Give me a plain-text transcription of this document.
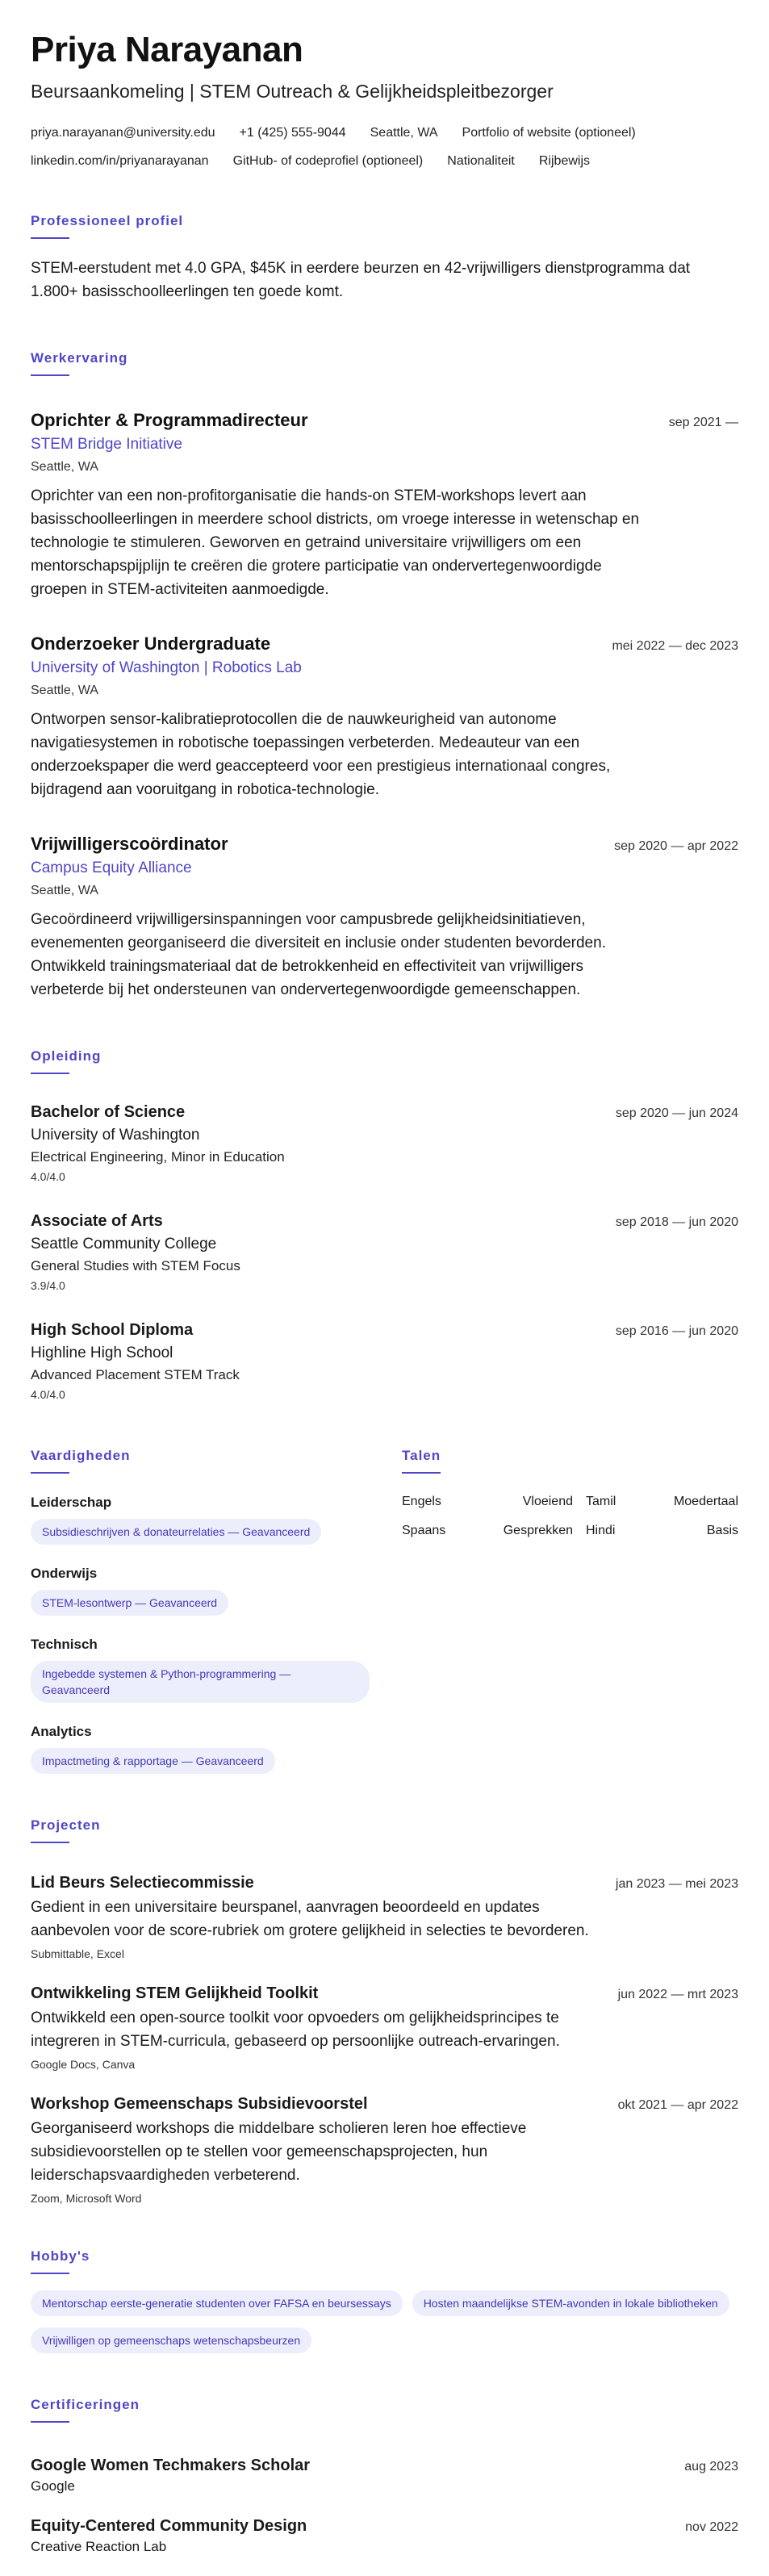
Priya Narayanan
Beursaankomeling | STEM Outreach & Gelijkheidspleitbezorger
priya.narayanan@university.edu +1 (425) 555-9044 Seattle, WA Portfolio of website (optioneel)
linkedin.com/in/priyanarayanan GitHub- of codeprofiel (optioneel) Nationaliteit Rijbewijs
Professioneel profiel
STEM-eerstudent met 4.0 GPA, $45K in eerdere beurzen en 42-vrijwilligers dienstprogramma dat 1.800+ basisschoolleerlingen ten goede komt.
Werkervaring
Oprichter & Programmadirecteur	sep 2021 —
STEM Bridge Initiative
Seattle, WA
Oprichter van een non-profitorganisatie die hands-on STEM-workshops levert aan basisschoolleerlingen in meerdere school districts, om vroege interesse in wetenschap en technologie te stimuleren. Geworven en getraind universitaire vrijwilligers om een mentorschapspijplijn te creëren die grotere participatie van ondervertegenwoordigde groepen in STEM-activiteiten aanmoedigde.
Onderzoeker Undergraduate	mei 2022 — dec 2023
University of Washington | Robotics Lab
Seattle, WA
Ontworpen sensor-kalibratieprotocollen die de nauwkeurigheid van autonome navigatiesystemen in robotische toepassingen verbeterden. Medeauteur van een onderzoekspaper die werd geaccepteerd voor een prestigieus internationaal congres, bijdragend aan vooruitgang in robotica-technologie.
Vrijwilligerscoördinator	sep 2020 — apr 2022
Campus Equity Alliance
Seattle, WA
Gecoördineerd vrijwilligersinspanningen voor campusbrede gelijkheidsinitiatieven, evenementen georganiseerd die diversiteit en inclusie onder studenten bevorderden. Ontwikkeld trainingsmateriaal dat de betrokkenheid en effectiviteit van vrijwilligers verbeterde bij het ondersteunen van ondervertegenwoordigde gemeenschappen.
Opleiding
Bachelor of Science	sep 2020 — jun 2024
University of Washington
Electrical Engineering, Minor in Education
4.0/4.0
Associate of Arts	sep 2018 — jun 2020
Seattle Community College
General Studies with STEM Focus
3.9/4.0
High School Diploma	sep 2016 — jun 2020
Highline High School
Advanced Placement STEM Track
4.0/4.0
Vaardigheden
Leiderschap
Subsidieschrijven & donateurrelaties — Geavanceerd
Onderwijs
STEM-lesontwerp — Geavanceerd
Technisch
Ingebedde systemen & Python-programmering — Geavanceerd
Analytics
Impactmeting & rapportage — Geavanceerd
Talen
Engels	Vloeiend	Tamil	Moedertaal
Spaans	Gesprekken	Hindi	Basis
Projecten
Lid Beurs Selectiecommissie	jan 2023 — mei 2023
Gedient in een universitaire beurspanel, aanvragen beoordeeld en updates aanbevolen voor de score-rubriek om grotere gelijkheid in selecties te bevorderen.
Submittable, Excel
Ontwikkeling STEM Gelijkheid Toolkit	jun 2022 — mrt 2023
Ontwikkeld een open-source toolkit voor opvoeders om gelijkheidsprincipes te integreren in STEM-curricula, gebaseerd op persoonlijke outreach-ervaringen.
Google Docs, Canva
Workshop Gemeenschaps Subsidievoorstel	okt 2021 — apr 2022
Georganiseerd workshops die middelbare scholieren leren hoe effectieve subsidievoorstellen op te stellen voor gemeenschapsprojecten, hun leiderschapsvaardigheden verbeterend.
Zoom, Microsoft Word
Hobby's
Mentorschap eerste-generatie studenten over FAFSA en beursessays	Hosten maandelijkse STEM-avonden in lokale bibliotheken
Vrijwilligen op gemeenschaps wetenschapsbeurzen
Certificeringen
Google Women Techmakers Scholar	aug 2023
Google
Equity-Centered Community Design	nov 2022
Creative Reaction Lab
